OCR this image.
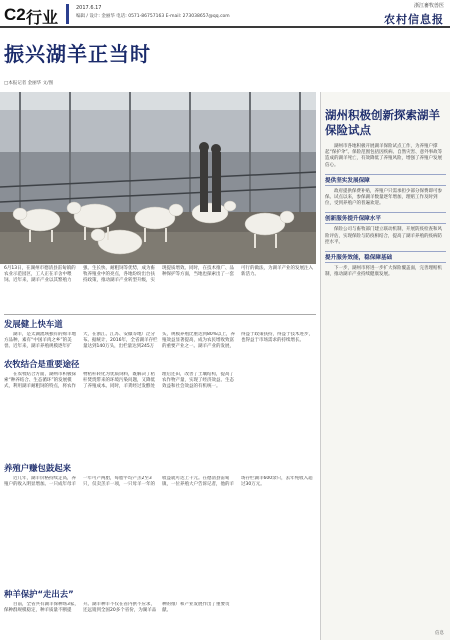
C2 行业	2017.6.17
编辑 / 设计: 金丽华 电话: 0571-86757163 E-mail: 273038657@qq.com
浙江畜牧兽医
农村信息报
振兴湖羊正当时
□本报记者 金丽华 文/图
6月13日，在湖州市德清县雷甸镇的农业示范园区，工人正在羊舍中喂饲。近年来，湖羊产业以其繁殖力强、生长快、耐粗饲等优势，成为畜牧养殖业中的亮点，各地纷纷出台扶持政策，推动湖羊产业转型升级，实现提质增效。同时，在技术推广、品种保护等方面，当地也探索出了一套可行的做法，为湖羊产业的发展注入新活力。
发展健上快车道

湖羊，是太湖流域独有的绵羊地方品种，素有“中国羊肉之乡”的美誉。近年来，湖羊养殖规模逐年扩大，在浙江、江苏、安徽等地广泛分布。据统计，2016年，全省湖羊存栏量达到140万头，出栏量达到245万头，规模养殖比重达到80%以上，养殖效益显著提高，成为农民增收致富的重要产业之一。湖羊产业的发展，得益于政策扶持，得益于技术进步，也得益于市场需求的持续增长。

农牧结合是重要途径

在农牧结合方面，湖州市积极探索“种养结合、生态循环”的发展模式，利用湖羊耐粗饲的特点，将农作物秸秆转化为优质饲料，既解决了秸秆焚烧带来的环境污染问题，又降低了养殖成本。同时，羊粪经过发酵处理后还田，改善了土壤结构，提高了农作物产量，实现了经济效益、生态效益和社会效益的有机统一。

养殖户赚包鼓起来

近几年，湖羊价格持续走高，养殖户的收入明显增加。一只成年母羊一年可产两胎，每胎平均产羔2至3只，仅卖羔羊一项，一只母羊一年的收益就可达上千元。在德清县雷甸镇，一位养殖大户告诉记者，他的羊场存栏湖羊600余只，去年纯收入超过30万元。

种羊保护“走出去”

目前，全省共有湖羊保种场3家，保种群规模稳定，种羊质量不断提升。湖羊种羊不仅在省内供不应求，还远销到全国20多个省份，为湖羊品种的推广和产业发展作出了重要贡献。

湖州积极创新探索湖羊保险试点

湖州市各地积极开展湖羊保险试点工作，为养殖户撑起“保护伞”。保险范围包括因疾病、自然灾害、意外事故等造成的湖羊死亡，有效降低了养殖风险，增强了养殖户发展信心。

提供坚实发展保障

政府提供保费补贴，养殖户只需承担少部分保费即可参保。试点以来，参保湖羊数量逐年增加，理赔工作及时到位，受到养殖户的普遍欢迎。

创新服务提升保障水平

保险公司与畜牧部门建立联动机制，开展防疫检查和风险评估，实现保险与防疫相结合，提高了湖羊养殖的疫病防控水平。

提升服务效能，稳保障基础

下一步，湖州市将进一步扩大保险覆盖面，完善理赔机制，推动湖羊产业持续健康发展。

信息
